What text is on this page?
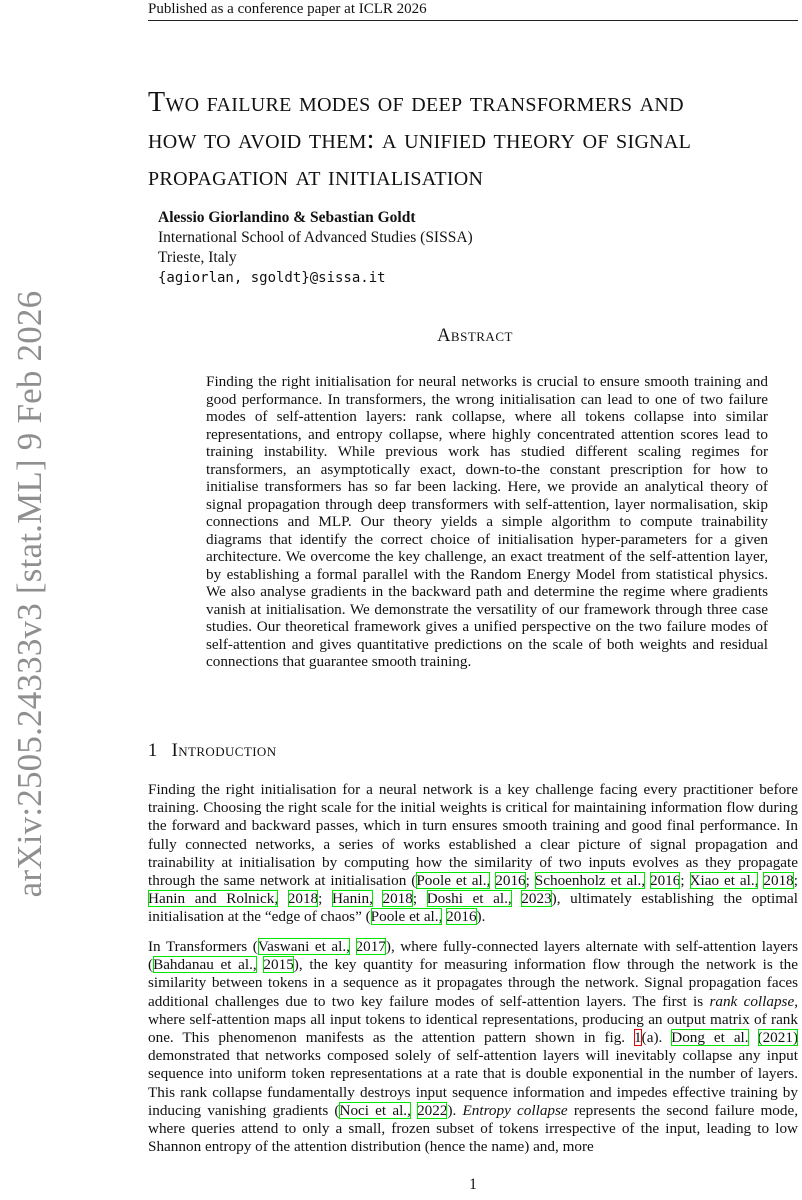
Published as a conference paper at ICLR 2026
arXiv:2505.24333v3 [stat.ML] 9 Feb 2026
Two failure modes of deep transformers and
how to avoid them: a unified theory of signal
propagation at initialisation
Alessio Giorlandino & Sebastian Goldt
International School of Advanced Studies (SISSA)
Trieste, Italy
{agiorlan, sgoldt}@sissa.it
Abstract

Finding the right initialisation for neural networks is crucial to ensure smooth training and good performance. In transformers, the wrong initialisation can lead to one of two failure modes of self-attention layers: rank collapse, where all tokens collapse into similar representations, and entropy collapse, where highly concentrated attention scores lead to training instability. While previous work has studied different scaling regimes for transformers, an asymptotically exact, down-to-the constant prescription for how to initialise transformers has so far been lacking. Here, we provide an analytical theory of signal propagation through deep transformers with self-attention, layer normalisation, skip connections and MLP. Our theory yields a simple algorithm to compute trainability diagrams that identify the correct choice of initialisation hyper-parameters for a given architecture. We overcome the key challenge, an exact treatment of the self-attention layer, by establishing a formal parallel with the Random Energy Model from statistical physics. We also analyse gradients in the backward path and determine the regime where gradients vanish at initialisation. We demonstrate the versatility of our framework through three case studies. Our theoretical framework gives a unified perspective on the two failure modes of self-attention and gives quantitative predictions on the scale of both weights and residual connections that guarantee smooth training.

1 Introduction

Finding the right initialisation for a neural network is a key challenge facing every practitioner before training. Choosing the right scale for the initial weights is critical for maintaining information flow during the forward and backward passes, which in turn ensures smooth training and good final performance. In fully connected networks, a series of works established a clear picture of signal propagation and trainability at initialisation by computing how the similarity of two inputs evolves as they propagate through the same network at initialisation (Poole et al., 2016; Schoenholz et al., 2016; Xiao et al., 2018; Hanin and Rolnick, 2018; Hanin, 2018; Doshi et al., 2023), ultimately establishing the optimal initialisation at the “edge of chaos” (Poole et al., 2016).

In Transformers (Vaswani et al., 2017), where fully-connected layers alternate with self-attention layers (Bahdanau et al., 2015), the key quantity for measuring information flow through the network is the similarity between tokens in a sequence as it propagates through the network. Signal propagation faces additional challenges due to two key failure modes of self-attention layers. The first is rank collapse, where self-attention maps all input tokens to identical representations, producing an output matrix of rank one. This phenomenon manifests as the attention pattern shown in fig. 1(a). Dong et al. (2021) demonstrated that networks composed solely of self-attention layers will inevitably collapse any input sequence into uniform token representations at a rate that is double exponential in the number of layers. This rank collapse fundamentally destroys input sequence information and impedes effective training by inducing vanishing gradients (Noci et al., 2022). Entropy collapse represents the second failure mode, where queries attend to only a small, frozen subset of tokens irrespective of the input, leading to low Shannon entropy of the attention distribution (hence the name) and, more

1
